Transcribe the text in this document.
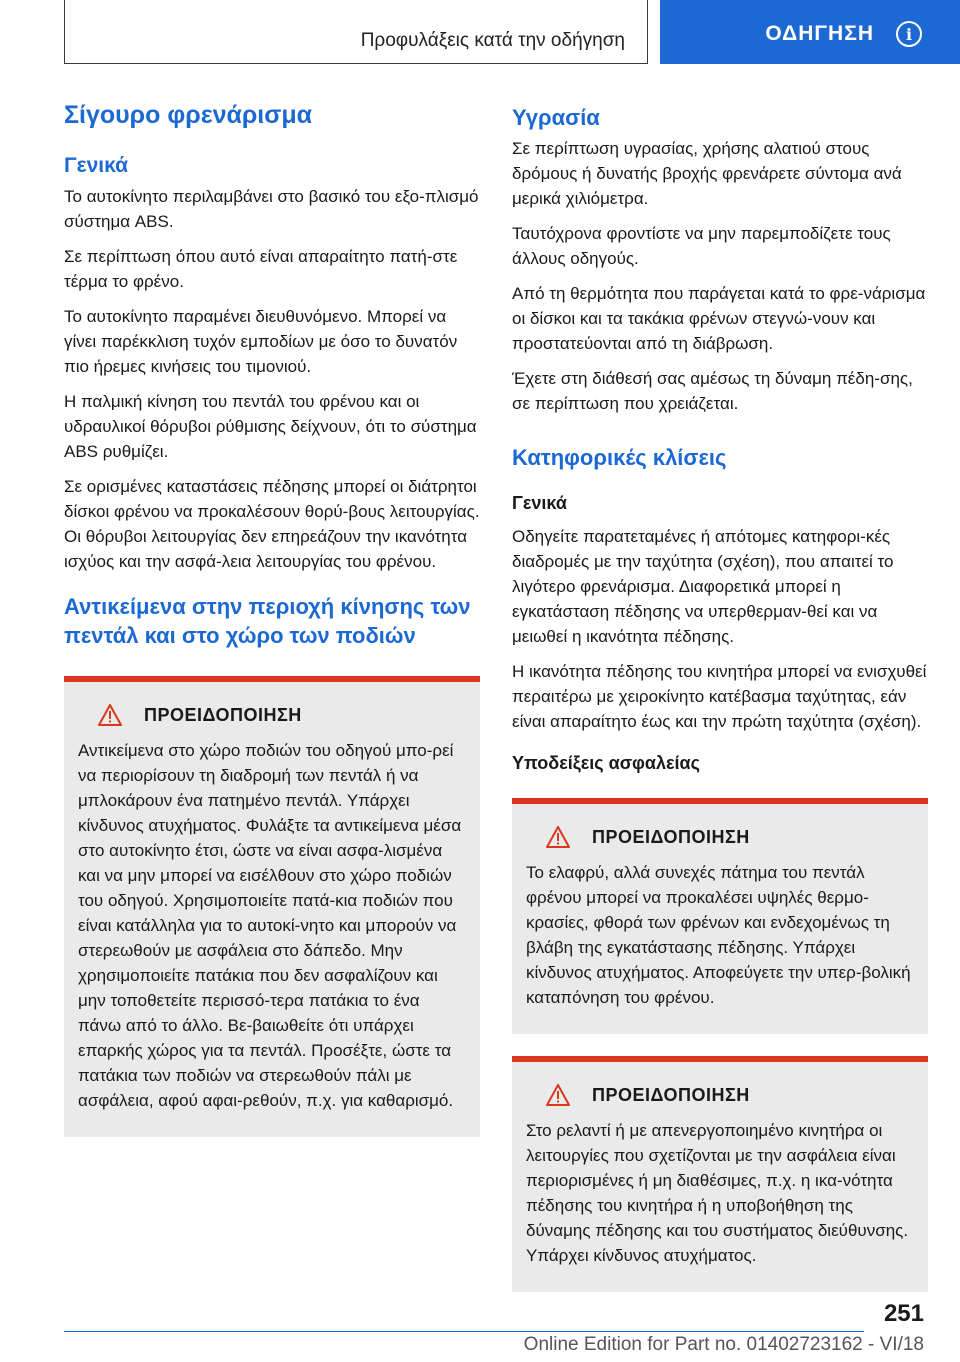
Προφυλάξεις κατά την οδήγηση	ΟΔΗΓΗΣΗ	i
Σίγουρο φρενάρισμα
Γενικά

Το αυτοκίνητο περιλαμβάνει στο βασικό του εξο-πλισμό σύστημα ABS.

Σε περίπτωση όπου αυτό είναι απαραίτητο πατή-στε τέρμα το φρένο.

Το αυτοκίνητο παραμένει διευθυνόμενο. Μπορεί να γίνει παρέκκλιση τυχόν εμποδίων με όσο το δυνατόν πιο ήρεμες κινήσεις του τιμονιού.

Η παλμική κίνηση του πεντάλ του φρένου και οι υδραυλικοί θόρυβοι ρύθμισης δείχνουν, ότι το σύστημα ABS ρυθμίζει.

Σε ορισμένες καταστάσεις πέδησης μπορεί οι διάτρητοι δίσκοι φρένου να προκαλέσουν θορύ-βους λειτουργίας. Οι θόρυβοι λειτουργίας δεν επηρεάζουν την ικανότητα ισχύος και την ασφά-λεια λειτουργίας του φρένου.

Αντικείμενα στην περιοχή κίνησης των πεντάλ και στο χώρο των ποδιών
ΠΡΟΕΙΔΟΠΟΙΗΣΗ

Αντικείμενα στο χώρο ποδιών του οδηγού μπο-ρεί να περιορίσουν τη διαδρομή των πεντάλ ή να μπλοκάρουν ένα πατημένο πεντάλ. Υπάρχει κίνδυνος ατυχήματος. Φυλάξτε τα αντικείμενα μέσα στο αυτοκίνητο έτσι, ώστε να είναι ασφα-λισμένα και να μην μπορεί να εισέλθουν στο χώρο ποδιών του οδηγού. Χρησιμοποιείτε πατά-κια ποδιών που είναι κατάλληλα για το αυτοκί-νητο και μπορούν να στερεωθούν με ασφάλεια στο δάπεδο. Μην χρησιμοποιείτε πατάκια που δεν ασφαλίζουν και μην τοποθετείτε περισσό-τερα πατάκια το ένα πάνω από το άλλο. Βε-βαιωθείτε ότι υπάρχει επαρκής χώρος για τα πεντάλ. Προσέξτε, ώστε τα πατάκια των ποδιών να στερεωθούν πάλι με ασφάλεια, αφού αφαι-ρεθούν, π.χ. για καθαρισμό.

Υγρασία

Σε περίπτωση υγρασίας, χρήσης αλατιού στους δρόμους ή δυνατής βροχής φρενάρετε σύντομα ανά μερικά χιλιόμετρα.

Ταυτόχρονα φροντίστε να μην παρεμποδίζετε τους άλλους οδηγούς.

Από τη θερμότητα που παράγεται κατά το φρε-νάρισμα οι δίσκοι και τα τακάκια φρένων στεγνώ-νουν και προστατεύονται από τη διάβρωση.

Έχετε στη διάθεσή σας αμέσως τη δύναμη πέδη-σης, σε περίπτωση που χρειάζεται.

Κατηφορικές κλίσεις
Γενικά

Οδηγείτε παρατεταμένες ή απότομες κατηφορι-κές διαδρομές με την ταχύτητα (σχέση), που απαιτεί το λιγότερο φρενάρισμα. Διαφορετικά μπορεί η εγκατάσταση πέδησης να υπερθερμαν-θεί και να μειωθεί η ικανότητα πέδησης.

Η ικανότητα πέδησης του κινητήρα μπορεί να ενισχυθεί περαιτέρω με χειροκίνητο κατέβασμα ταχύτητας, εάν είναι απαραίτητο έως και την πρώτη ταχύτητα (σχέση).

Υποδείξεις ασφαλείας
ΠΡΟΕΙΔΟΠΟΙΗΣΗ

Το ελαφρύ, αλλά συνεχές πάτημα του πεντάλ φρένου μπορεί να προκαλέσει υψηλές θερμο-κρασίες, φθορά των φρένων και ενδεχομένως τη βλάβη της εγκατάστασης πέδησης. Υπάρχει κίνδυνος ατυχήματος. Αποφεύγετε την υπερ-βολική καταπόνηση του φρένου.

ΠΡΟΕΙΔΟΠΟΙΗΣΗ

Στο ρελαντί ή με απενεργοποιημένο κινητήρα οι λειτουργίες που σχετίζονται με την ασφάλεια είναι περιορισμένες ή μη διαθέσιμες, π.χ. η ικα-νότητα πέδησης του κινητήρα ή η υποβοήθηση της δύναμης πέδησης και του συστήματος διεύθυνσης. Υπάρχει κίνδυνος ατυχήματος.

251
Online Edition for Part no. 01402723162 - VI/18
